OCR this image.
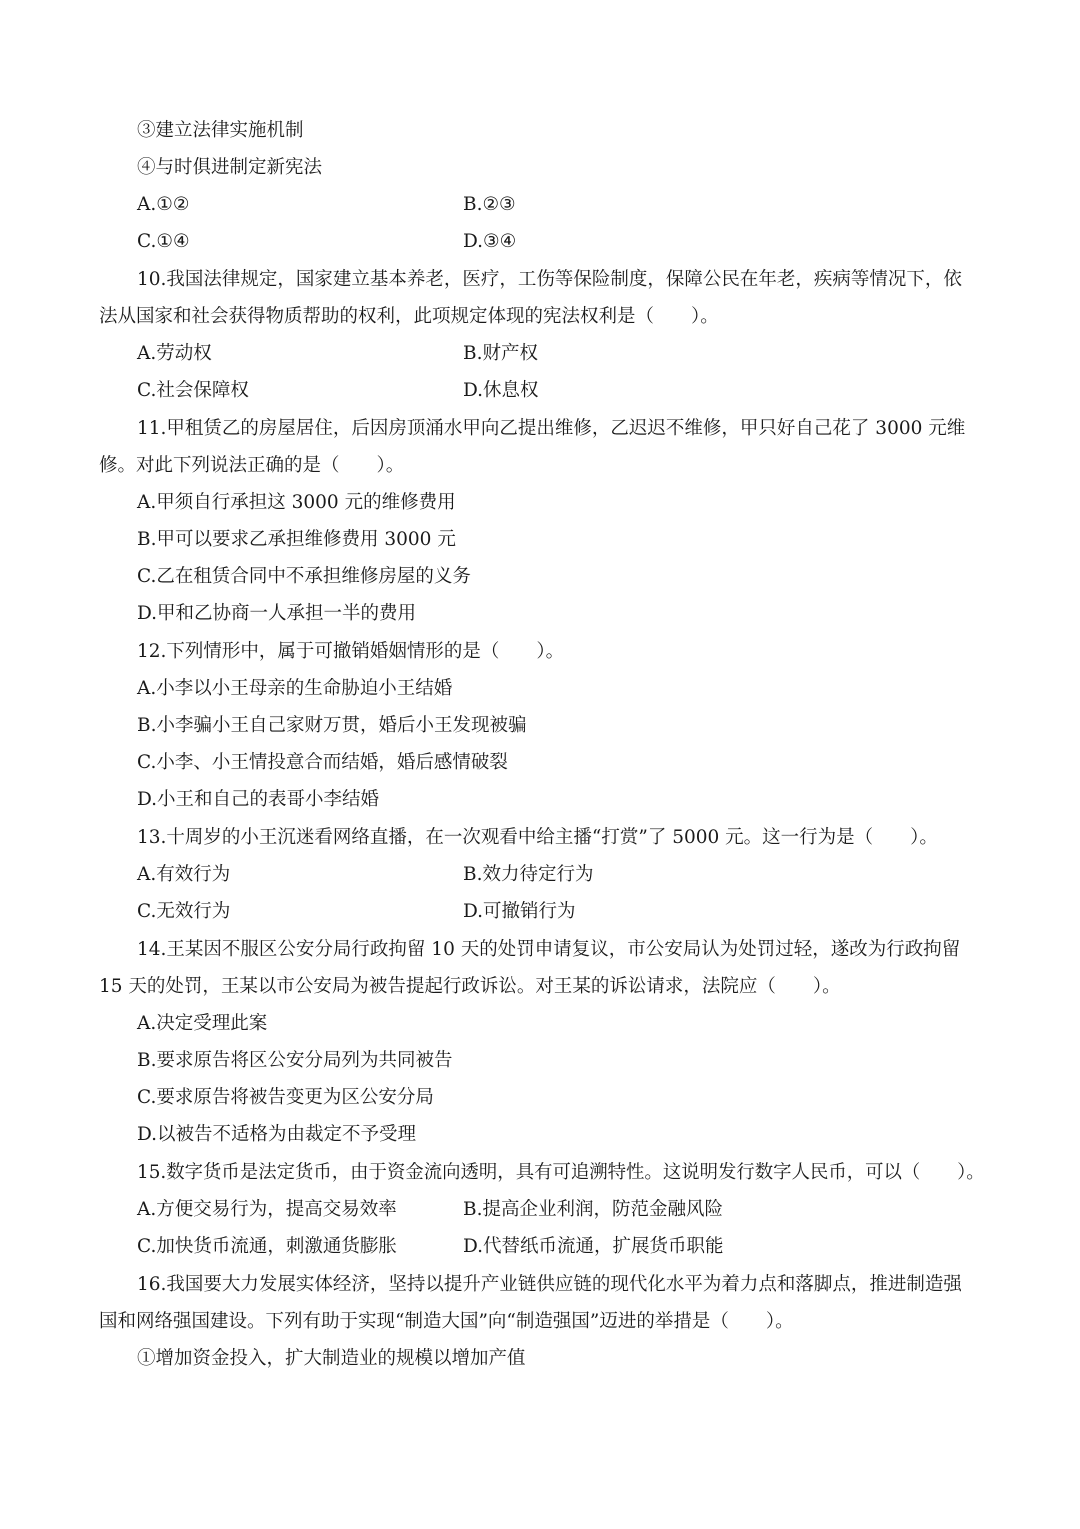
③建立法律实施机制
④与时俱进制定新宪法
A.①②	B.②③
C.①④	D.③④
10.我国法律规定，国家建立基本养老，医疗，工伤等保险制度，保障公民在年老，疾病等情况下，依
法从国家和社会获得物质帮助的权利，此项规定体现的宪法权利是（　　）。
A.劳动权	B.财产权
C.社会保障权	D.休息权
11.甲租赁乙的房屋居住，后因房顶涌水甲向乙提出维修，乙迟迟不维修，甲只好自己花了 3000 元维
修。对此下列说法正确的是（　　）。
A.甲须自行承担这 3000 元的维修费用
B.甲可以要求乙承担维修费用 3000 元
C.乙在租赁合同中不承担维修房屋的义务
D.甲和乙协商一人承担一半的费用
12.下列情形中，属于可撤销婚姻情形的是（　　）。
A.小李以小王母亲的生命胁迫小王结婚
B.小李骗小王自己家财万贯，婚后小王发现被骗
C.小李、小王情投意合而结婚，婚后感情破裂
D.小王和自己的表哥小李结婚
13.十周岁的小王沉迷看网络直播，在一次观看中给主播“打赏”了 5000 元。这一行为是（　　）。
A.有效行为	B.效力待定行为
C.无效行为	D.可撤销行为
14.王某因不服区公安分局行政拘留 10 天的处罚申请复议，市公安局认为处罚过轻，遂改为行政拘留
15 天的处罚，王某以市公安局为被告提起行政诉讼。对王某的诉讼请求，法院应（　　）。
A.决定受理此案
B.要求原告将区公安分局列为共同被告
C.要求原告将被告变更为区公安分局
D.以被告不适格为由裁定不予受理
15.数字货币是法定货币，由于资金流向透明，具有可追溯特性。这说明发行数字人民币，可以（　　）。
A.方便交易行为，提高交易效率	B.提高企业利润，防范金融风险
C.加快货币流通，刺激通货膨胀	D.代替纸币流通，扩展货币职能
16.我国要大力发展实体经济，坚持以提升产业链供应链的现代化水平为着力点和落脚点，推进制造强
国和网络强国建设。下列有助于实现“制造大国”向“制造强国”迈进的举措是（　　）。
①增加资金投入，扩大制造业的规模以增加产值
